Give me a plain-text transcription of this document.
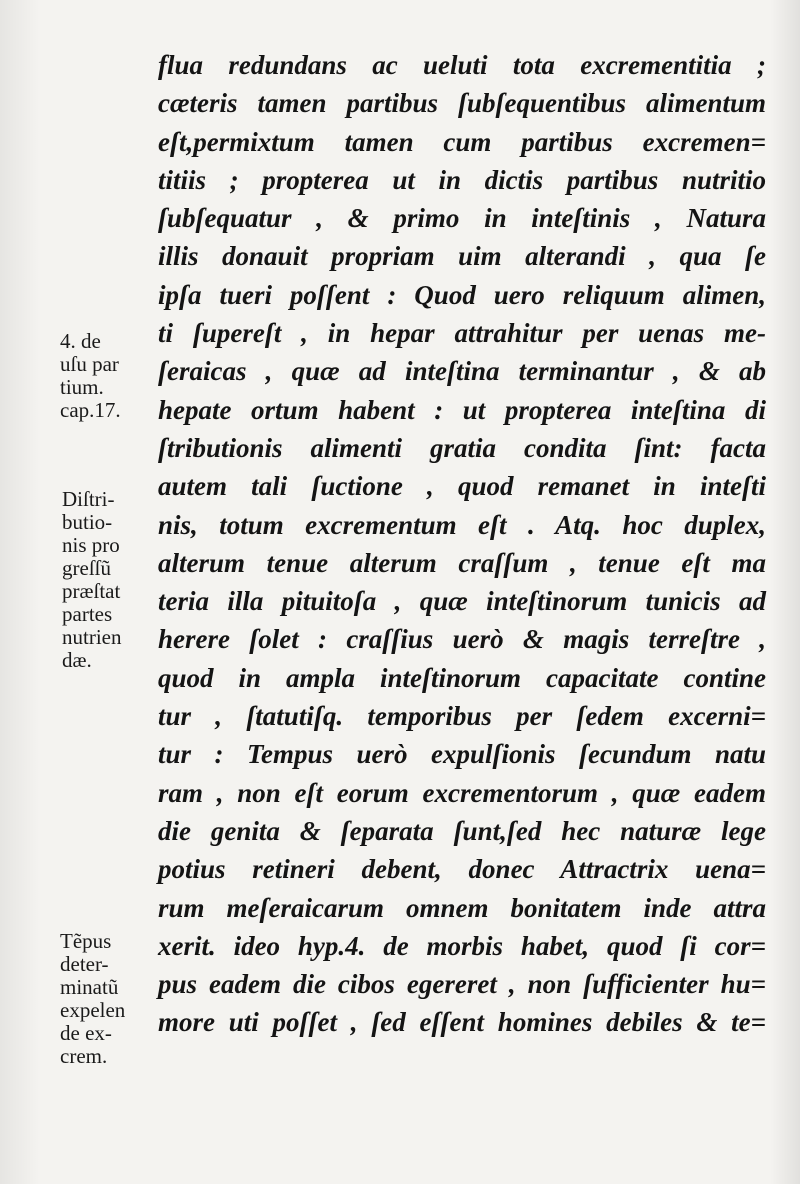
flua redundans ac ueluti tota excrementitia ;
cæteris tamen partibus ſubſequentibus alimentum
eſt,permixtum tamen cum partibus excremen=
titiis ; propterea ut in dictis partibus nutritio
ſubſequatur , & primo in inteſtinis , Natura
illis donauit propriam uim alterandi , qua ſe
ipſa tueri poſſent : Quod uero reliquum alimen,
ti ſupereſt , in hepar attrahitur per uenas me-
ſeraicas , quæ ad inteſtina terminantur , & ab
hepate ortum habent : ut propterea inteſtina di
ſtributionis alimenti gratia condita ſint: facta
autem tali ſuctione , quod remanet in inteſti
nis, totum excrementum eſt . Atq. hoc duplex,
alterum tenue alterum craſſum , tenue eſt ma
teria illa pituitoſa , quæ inteſtinorum tunicis ad
herere ſolet : craſſius uerò & magis terreſtre ,
quod in ampla inteſtinorum capacitate contine
tur , ſtatutiſq. temporibus per ſedem excerni=
tur : Tempus uerò expulſionis ſecundum natu
ram , non eſt eorum excrementorum , quæ eadem
die genita & ſeparata ſunt,ſed hec naturæ lege
potius retineri debent, donec Attractrix uena=
rum meſeraicarum omnem bonitatem inde attra
xerit. ideo hyp.4. de morbis habet, quod ſi cor=
pus eadem die cibos egereret , non ſufficienter hu=
more uti poſſet , ſed eſſent homines debiles & te=
4. de
uſu par
tium.
cap.17.
Diſtri-
butio-
nis pro
greſſũ
præſtat
partes
nutrien
dæ.
Tẽpus
deter-
minatũ
expelen
de ex-
crem.
